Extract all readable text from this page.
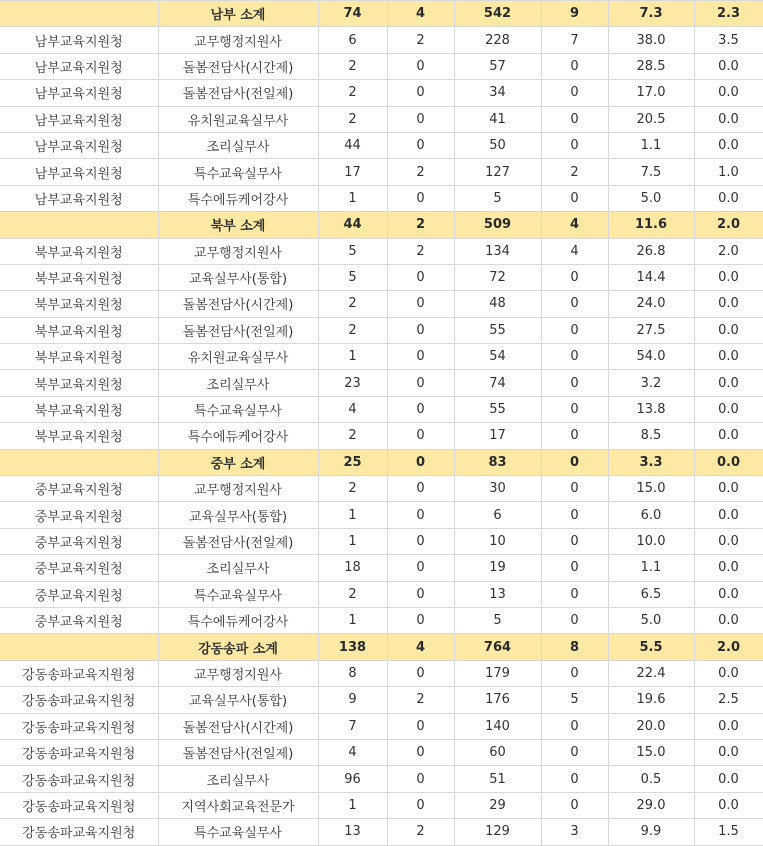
	남부 소계	74	4	542	9	7.3	2.3
남부교육지원청	교무행정지원사	6	2	228	7	38.0	3.5
남부교육지원청	돌봄전담사(시간제)	2	0	57	0	28.5	0.0
남부교육지원청	돌봄전담사(전일제)	2	0	34	0	17.0	0.0
남부교육지원청	유치원교육실무사	2	0	41	0	20.5	0.0
남부교육지원청	조리실무사	44	0	50	0	1.1	0.0
남부교육지원청	특수교육실무사	17	2	127	2	7.5	1.0
남부교육지원청	특수에듀케어강사	1	0	5	0	5.0	0.0
	북부 소계	44	2	509	4	11.6	2.0
북부교육지원청	교무행정지원사	5	2	134	4	26.8	2.0
북부교육지원청	교육실무사(통합)	5	0	72	0	14.4	0.0
북부교육지원청	돌봄전담사(시간제)	2	0	48	0	24.0	0.0
북부교육지원청	돌봄전담사(전일제)	2	0	55	0	27.5	0.0
북부교육지원청	유치원교육실무사	1	0	54	0	54.0	0.0
북부교육지원청	조리실무사	23	0	74	0	3.2	0.0
북부교육지원청	특수교육실무사	4	0	55	0	13.8	0.0
북부교육지원청	특수에듀케어강사	2	0	17	0	8.5	0.0
	중부 소계	25	0	83	0	3.3	0.0
중부교육지원청	교무행정지원사	2	0	30	0	15.0	0.0
중부교육지원청	교육실무사(통합)	1	0	6	0	6.0	0.0
중부교육지원청	돌봄전담사(전일제)	1	0	10	0	10.0	0.0
중부교육지원청	조리실무사	18	0	19	0	1.1	0.0
중부교육지원청	특수교육실무사	2	0	13	0	6.5	0.0
중부교육지원청	특수에듀케어강사	1	0	5	0	5.0	0.0
	강동송파 소계	138	4	764	8	5.5	2.0
강동송파교육지원청	교무행정지원사	8	0	179	0	22.4	0.0
강동송파교육지원청	교육실무사(통합)	9	2	176	5	19.6	2.5
강동송파교육지원청	돌봄전담사(시간제)	7	0	140	0	20.0	0.0
강동송파교육지원청	돌봄전담사(전일제)	4	0	60	0	15.0	0.0
강동송파교육지원청	조리실무사	96	0	51	0	0.5	0.0
강동송파교육지원청	지역사회교육전문가	1	0	29	0	29.0	0.0
강동송파교육지원청	특수교육실무사	13	2	129	3	9.9	1.5
